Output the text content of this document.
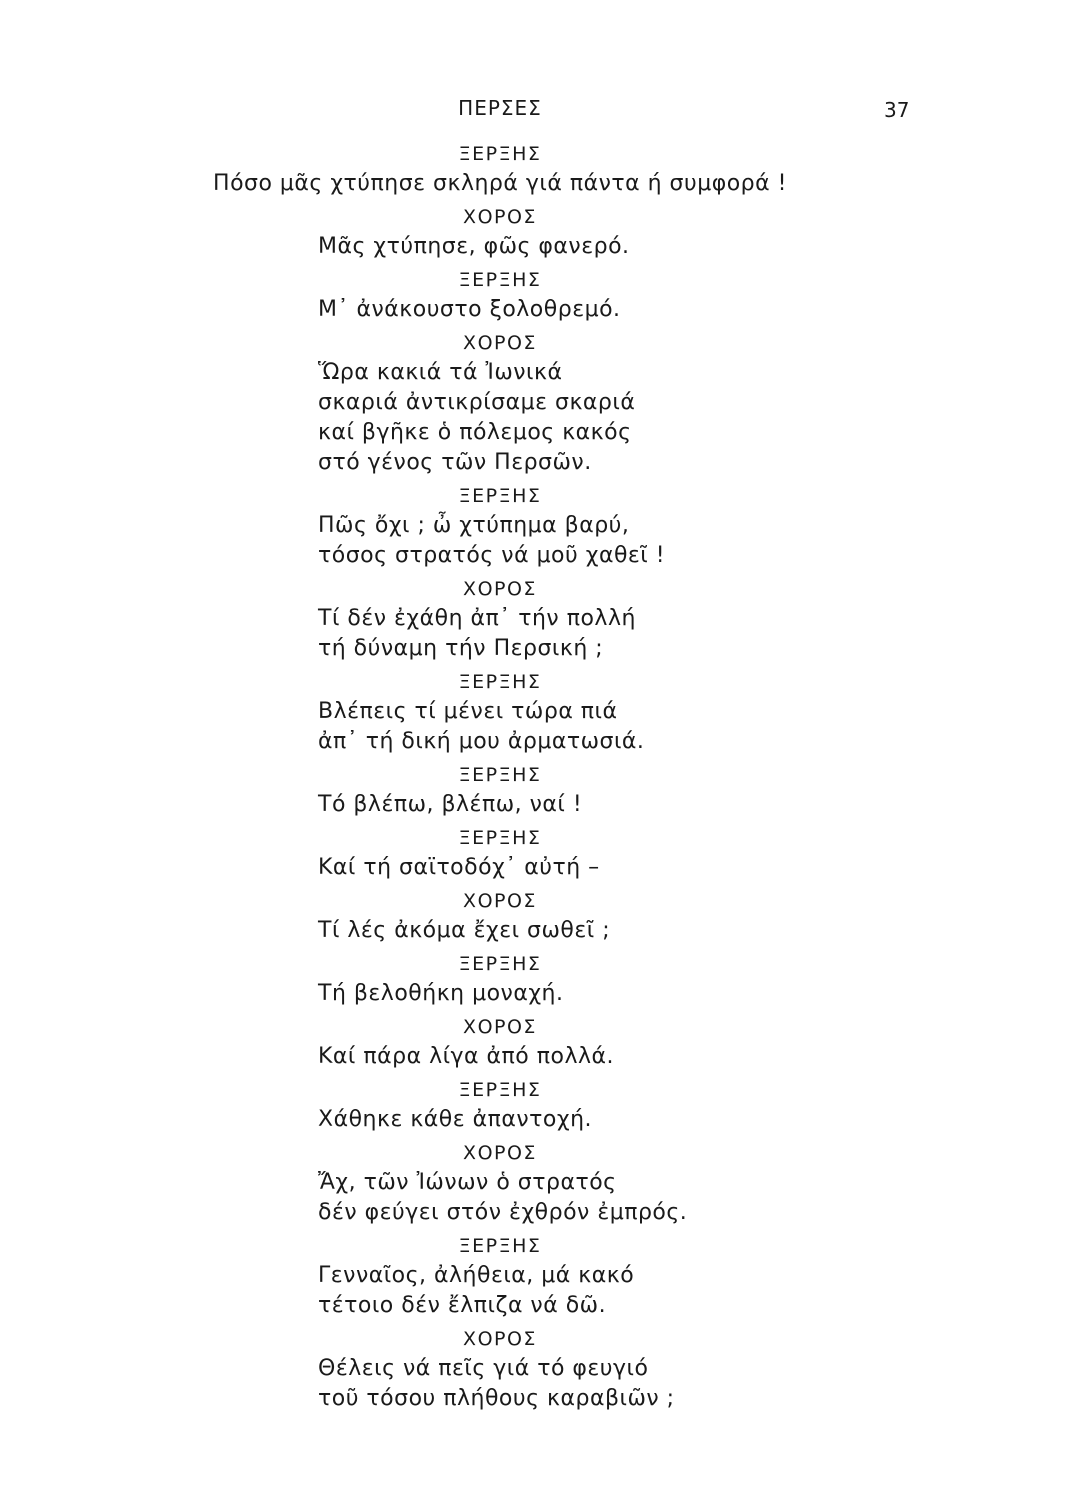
ΠΕΡΣΕΣ	37
ΞΕΡΞΗΣ
Πόσο μᾶς χτύπησε σκληρά γιά πάντα ή συμφορά !
ΧΟΡΟΣ
Μᾶς χτύπησε, φῶς φανερό.
ΞΕΡΞΗΣ
Μ᾽ ἀνάκουστο ξολοθρεμό.
ΧΟΡΟΣ
Ὥρα κακιά τά Ἰωνικά
σκαριά ἀντικρίσαμε σκαριά
καί βγῆκε ὁ πόλεμος κακός
στό γένος τῶν Περσῶν.
ΞΕΡΞΗΣ
Πῶς ὄχι ; ὦ χτύπημα βαρύ,
τόσος στρατός νά μοῦ χαθεῖ !
ΧΟΡΟΣ
Τί δέν ἐχάθη ἀπ᾽ τήν πολλή
τή δύναμη τήν Περσική ;
ΞΕΡΞΗΣ
Βλέπεις τί μένει τώρα πιά
ἀπ᾽ τή δική μου ἀρματωσιά.
ΞΕΡΞΗΣ
Τό βλέπω, βλέπω, ναί !
ΞΕΡΞΗΣ
Καί τή σαϊτοδόχ᾽ αὐτή –
ΧΟΡΟΣ
Τί λές ἀκόμα ἔχει σωθεῖ ;
ΞΕΡΞΗΣ
Τή βελοθήκη μοναχή.
ΧΟΡΟΣ
Καί πάρα λίγα ἀπό πολλά.
ΞΕΡΞΗΣ
Χάθηκε κάθε ἀπαντοχή.
ΧΟΡΟΣ
Ἄχ, τῶν Ἰώνων ὁ στρατός
δέν φεύγει στόν ἐχθρόν ἐμπρός.
ΞΕΡΞΗΣ
Γενναῖος, ἀλήθεια, μά κακό
τέτοιο δέν ἔλπιζα νά δῶ.
ΧΟΡΟΣ
Θέλεις νά πεῖς γιά τό φευγιό
τοῦ τόσου πλήθους καραβιῶν ;
